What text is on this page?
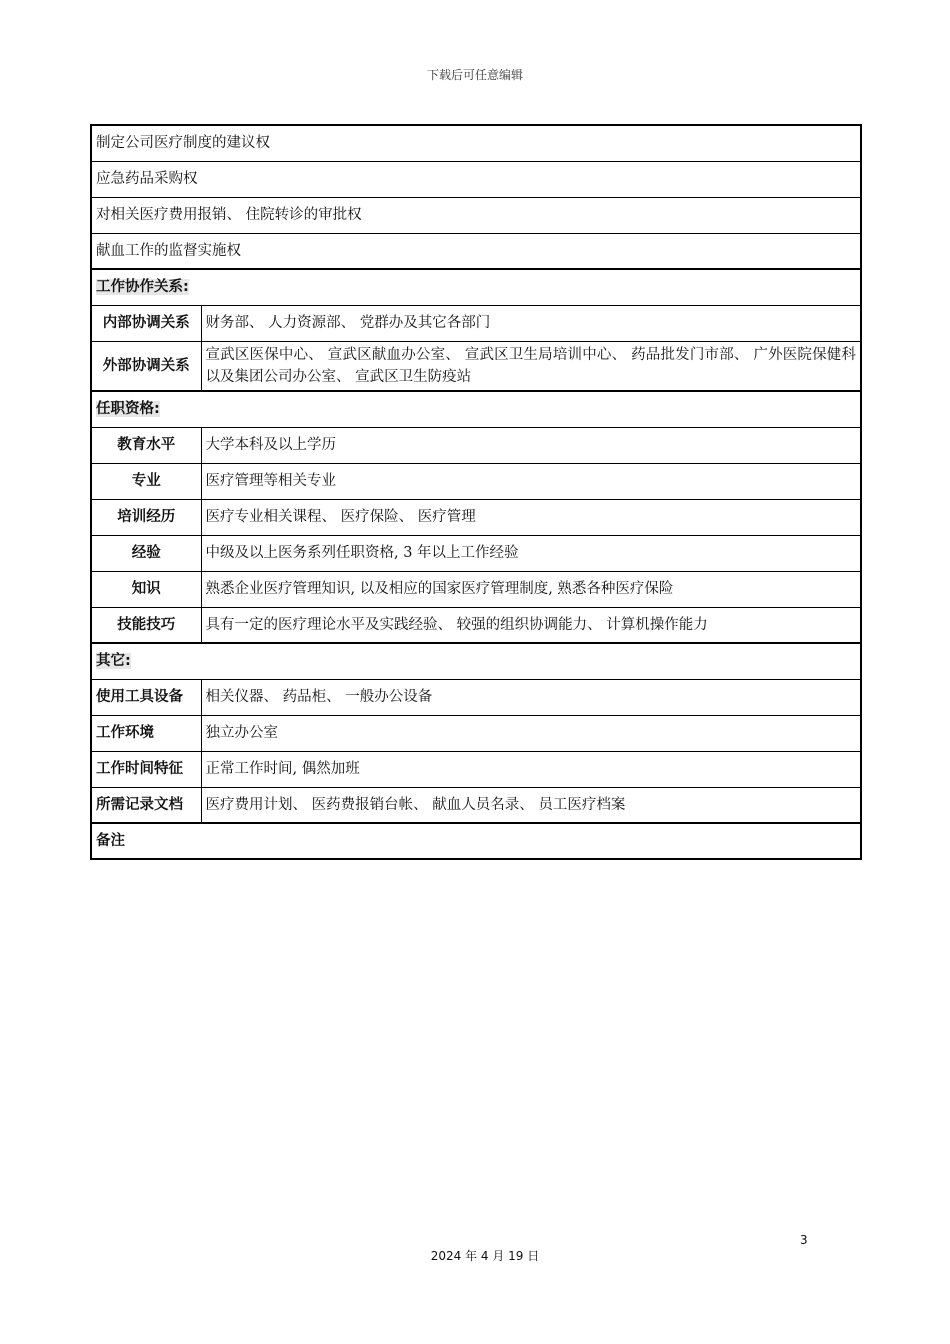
下载后可任意编辑
制定公司医疗制度的建议权	
应急药品采购权	
对相关医疗费用报销、 住院转诊的审批权	
献血工作的监督实施权	
工作协作关系:	
内部协调关系	财务部、 人力资源部、 党群办及其它各部门
外部协调关系	宣武区医保中心、 宣武区献血办公室、 宣武区卫生局培训中心、 药品批发门市部、 广外医院保健科以及集团公司办公室、 宣武区卫生防疫站
任职资格:	
教育水平	大学本科及以上学历
专业	医疗管理等相关专业
培训经历	医疗专业相关课程、 医疗保险、 医疗管理
经验	中级及以上医务系列任职资格, 3 年以上工作经验
知识	熟悉企业医疗管理知识, 以及相应的国家医疗管理制度, 熟悉各种医疗保险
技能技巧	具有一定的医疗理论水平及实践经验、 较强的组织协调能力、 计算机操作能力
其它:	
使用工具设备	相关仪器、 药品柜、 一般办公设备
工作环境	独立办公室
工作时间特征	正常工作时间, 偶然加班
所需记录文档	医疗费用计划、 医药费报销台帐、 献血人员名录、 员工医疗档案
备注	
3
2024 年 4 月 19 日
